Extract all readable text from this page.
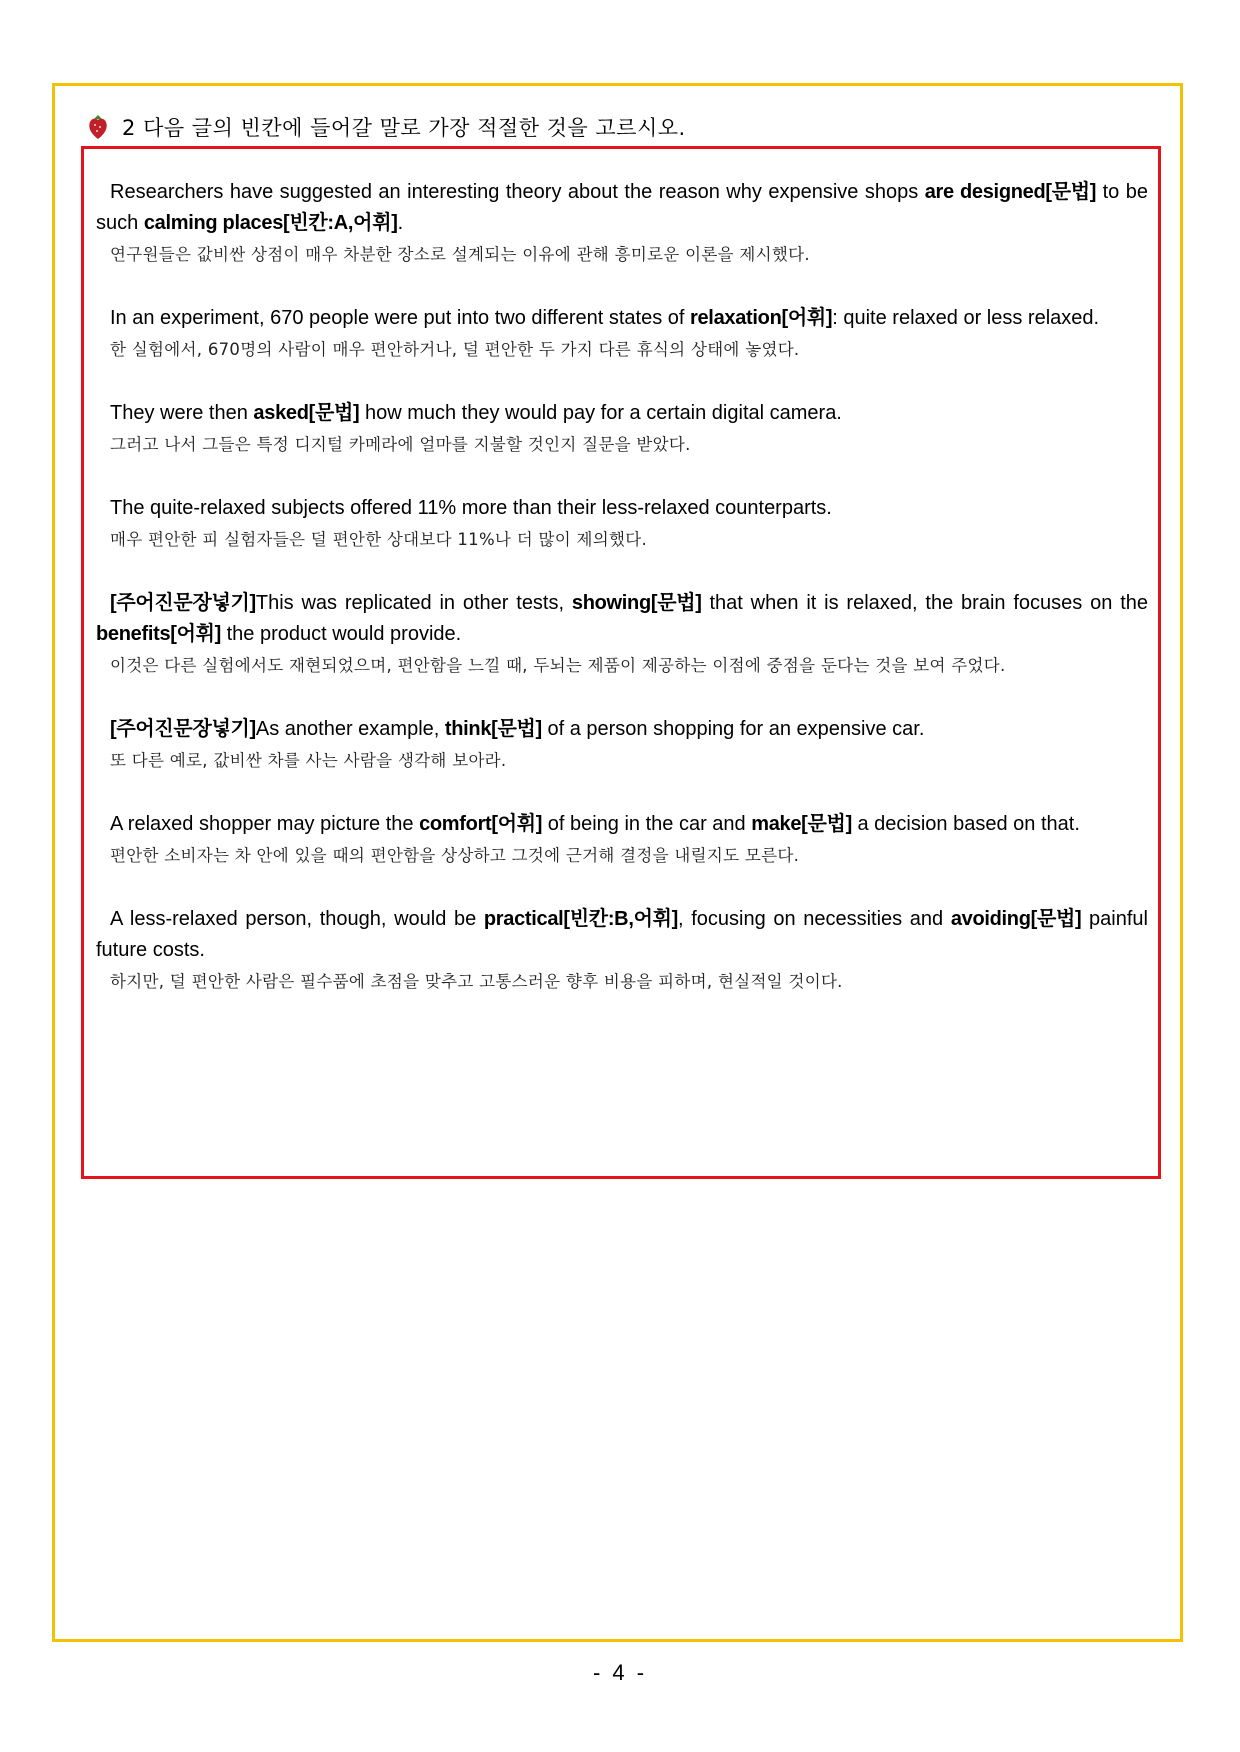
2 다음 글의 빈칸에 들어갈 말로 가장 적절한 것을 고르시오.

Researchers have suggested an interesting theory about the reason why expensive shops are designed[문법] to be such calming places[빈칸:A,어휘].

연구원들은 값비싼 상점이 매우 차분한 장소로 설계되는 이유에 관해 흥미로운 이론을 제시했다.

In an experiment, 670 people were put into two different states of relaxation[어휘]: quite relaxed or less relaxed.

한 실험에서, 670명의 사람이 매우 편안하거나, 덜 편안한 두 가지 다른 휴식의 상태에 놓였다.

They were then asked[문법] how much they would pay for a certain digital camera.

그러고 나서 그들은 특정 디지털 카메라에 얼마를 지불할 것인지 질문을 받았다.

The quite-relaxed subjects offered 11% more than their less-relaxed counterparts.

매우 편안한 피 실험자들은 덜 편안한 상대보다 11%나 더 많이 제의했다.

[주어진문장넣기]This was replicated in other tests, showing[문법] that when it is relaxed, the brain focuses on the benefits[어휘] the product would provide.

이것은 다른 실험에서도 재현되었으며, 편안함을 느낄 때, 두뇌는 제품이 제공하는 이점에 중점을 둔다는 것을 보여 주었다.

[주어진문장넣기]As another example, think[문법] of a person shopping for an expensive car.

또 다른 예로, 값비싼 차를 사는 사람을 생각해 보아라.

A relaxed shopper may picture the comfort[어휘] of being in the car and make[문법] a decision based on that.

편안한 소비자는 차 안에 있을 때의 편안함을 상상하고 그것에 근거해 결정을 내릴지도 모른다.

A less-relaxed person, though, would be practical[빈칸:B,어휘], focusing on necessities and avoiding[문법] painful future costs.

하지만, 덜 편안한 사람은 필수품에 초점을 맞추고 고통스러운 향후 비용을 피하며, 현실적일 것이다.

- 4 -
